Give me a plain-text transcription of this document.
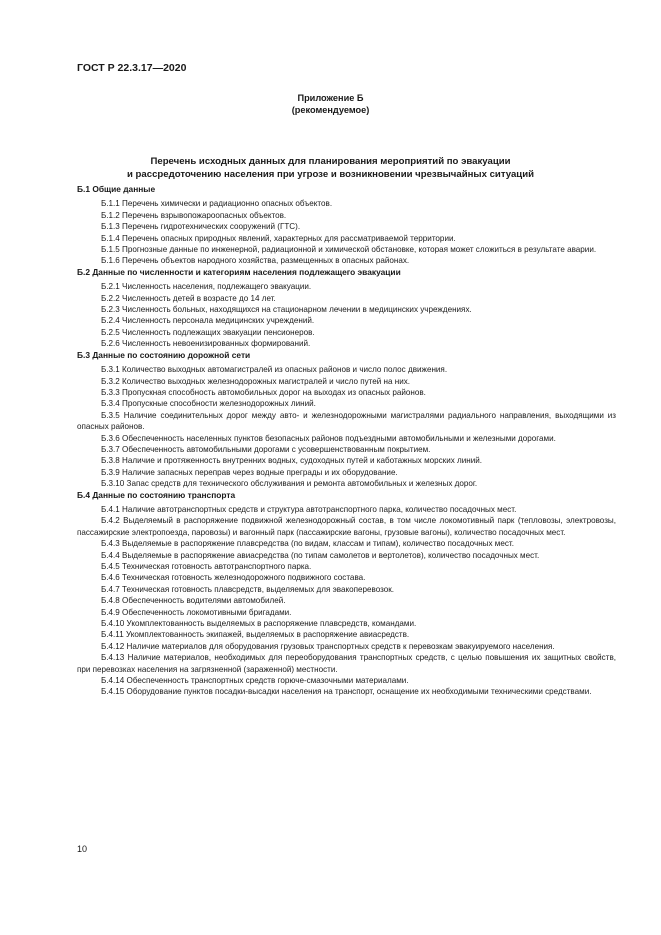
ГОСТ Р 22.3.17—2020
Приложение Б
(рекомендуемое)
Перечень исходных данных для планирования мероприятий по эвакуации
и рассредоточению населения при угрозе и возникновении чрезвычайных ситуаций
Б.1 Общие данные

Б.1.1 Перечень химически и радиационно опасных объектов.

Б.1.2 Перечень взрывопожароопасных объектов.

Б.1.3 Перечень гидротехнических сооружений (ГТС).

Б.1.4 Перечень опасных природных явлений, характерных для рассматриваемой территории.

Б.1.5 Прогнозные данные по инженерной, радиационной и химической обстановке, которая может сложиться в результате аварии.

Б.1.6 Перечень объектов народного хозяйства, размещенных в опасных районах.

Б.2 Данные по численности и категориям населения подлежащего эвакуации

Б.2.1 Численность населения, подлежащего эвакуации.

Б.2.2 Численность детей в возрасте до 14 лет.

Б.2.3 Численность больных, находящихся на стационарном лечении в медицинских учреждениях.

Б.2.4 Численность персонала медицинских учреждений.

Б.2.5 Численность подлежащих эвакуации пенсионеров.

Б.2.6 Численность невоенизированных формирований.

Б.3 Данные по состоянию дорожной сети

Б.3.1 Количество выходных автомагистралей из опасных районов и число полос движения.

Б.3.2 Количество выходных железнодорожных магистралей и число путей на них.

Б.3.3 Пропускная способность автомобильных дорог на выходах из опасных районов.

Б.3.4 Пропускные способности железнодорожных линий.

Б.3.5 Наличие соединительных дорог между авто- и железнодорожными магистралями радиального направления, выходящими из опасных районов.

Б.3.6 Обеспеченность населенных пунктов безопасных районов подъездными автомобильными и железными дорогами.

Б.3.7 Обеспеченность автомобильными дорогами с усовершенствованным покрытием.

Б.3.8 Наличие и протяженность внутренних водных, судоходных путей и каботажных морских линий.

Б.3.9 Наличие запасных переправ через водные преграды и их оборудование.

Б.3.10 Запас средств для технического обслуживания и ремонта автомобильных и железных дорог.

Б.4 Данные по состоянию транспорта

Б.4.1 Наличие автотранспортных средств и структура автотранспортного парка, количество посадочных мест.

Б.4.2 Выделяемый в распоряжение подвижной железнодорожный состав, в том числе локомотивный парк (тепловозы, электровозы, пассажирские электропоезда, паровозы) и вагонный парк (пассажирские вагоны, грузовые вагоны), количество посадочных мест.

Б.4.3 Выделяемые в распоряжение плавсредства (по видам, классам и типам), количество посадочных мест.

Б.4.4 Выделяемые в распоряжение авиасредства (по типам самолетов и вертолетов), количество посадочных мест.

Б.4.5 Техническая готовность автотранспортного парка.

Б.4.6 Техническая готовность железнодорожного подвижного состава.

Б.4.7 Техническая готовность плавсредств, выделяемых для эвакоперевозок.

Б.4.8 Обеспеченность водителями автомобилей.

Б.4.9 Обеспеченность локомотивными бригадами.

Б.4.10 Укомплектованность выделяемых в распоряжение плавсредств, командами.

Б.4.11 Укомплектованность экипажей, выделяемых в распоряжение авиасредств.

Б.4.12 Наличие материалов для оборудования грузовых транспортных средств к перевозкам эвакуируемого населения.

Б.4.13 Наличие материалов, необходимых для переоборудования транспортных средств, с целью повышения их защитных свойств, при перевозках населения на загрязненной (зараженной) местности.

Б.4.14 Обеспеченность транспортных средств горюче-смазочными материалами.

Б.4.15 Оборудование пунктов посадки-высадки населения на транспорт, оснащение их необходимыми техническими средствами.

10
